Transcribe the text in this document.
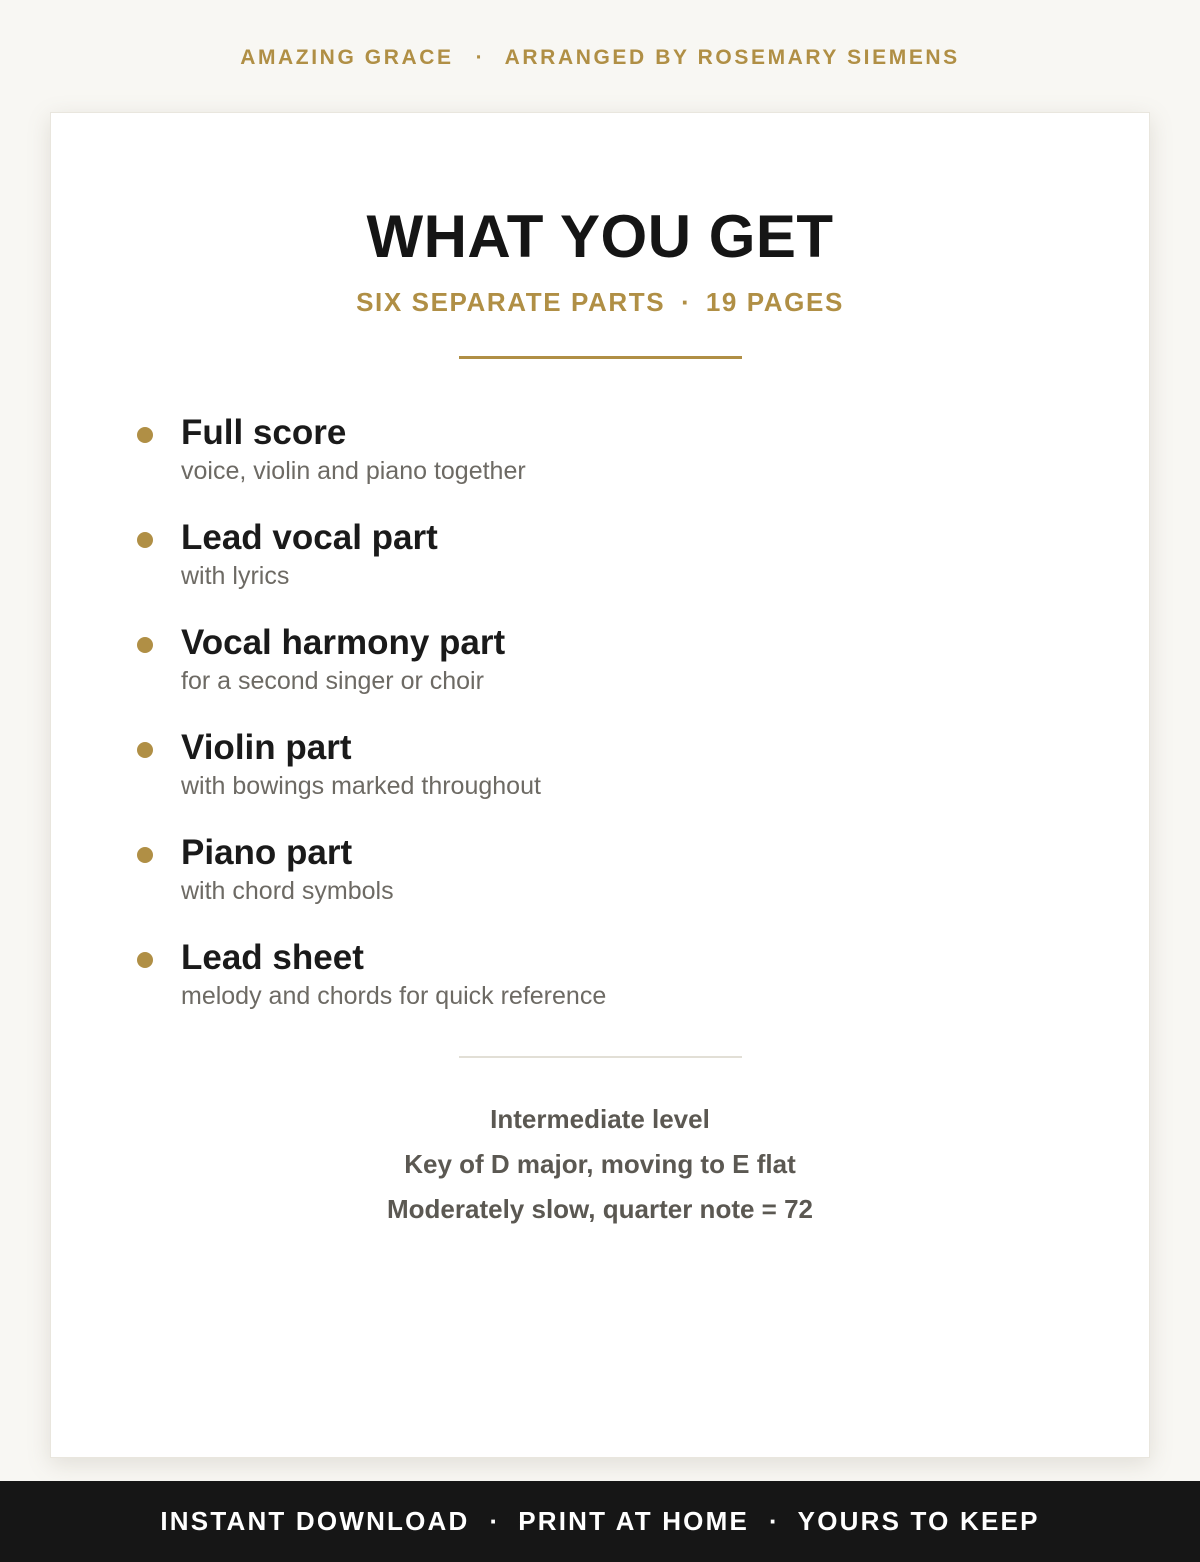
AMAZING GRACE · ARRANGED BY ROSEMARY SIEMENS
WHAT YOU GET
SIX SEPARATE PARTS · 19 PAGES
Full score
voice, violin and piano together
Lead vocal part
with lyrics
Vocal harmony part
for a second singer or choir
Violin part
with bowings marked throughout
Piano part
with chord symbols
Lead sheet
melody and chords for quick reference
Intermediate level
Key of D major, moving to E flat
Moderately slow, quarter note = 72
INSTANT DOWNLOAD · PRINT AT HOME · YOURS TO KEEP
